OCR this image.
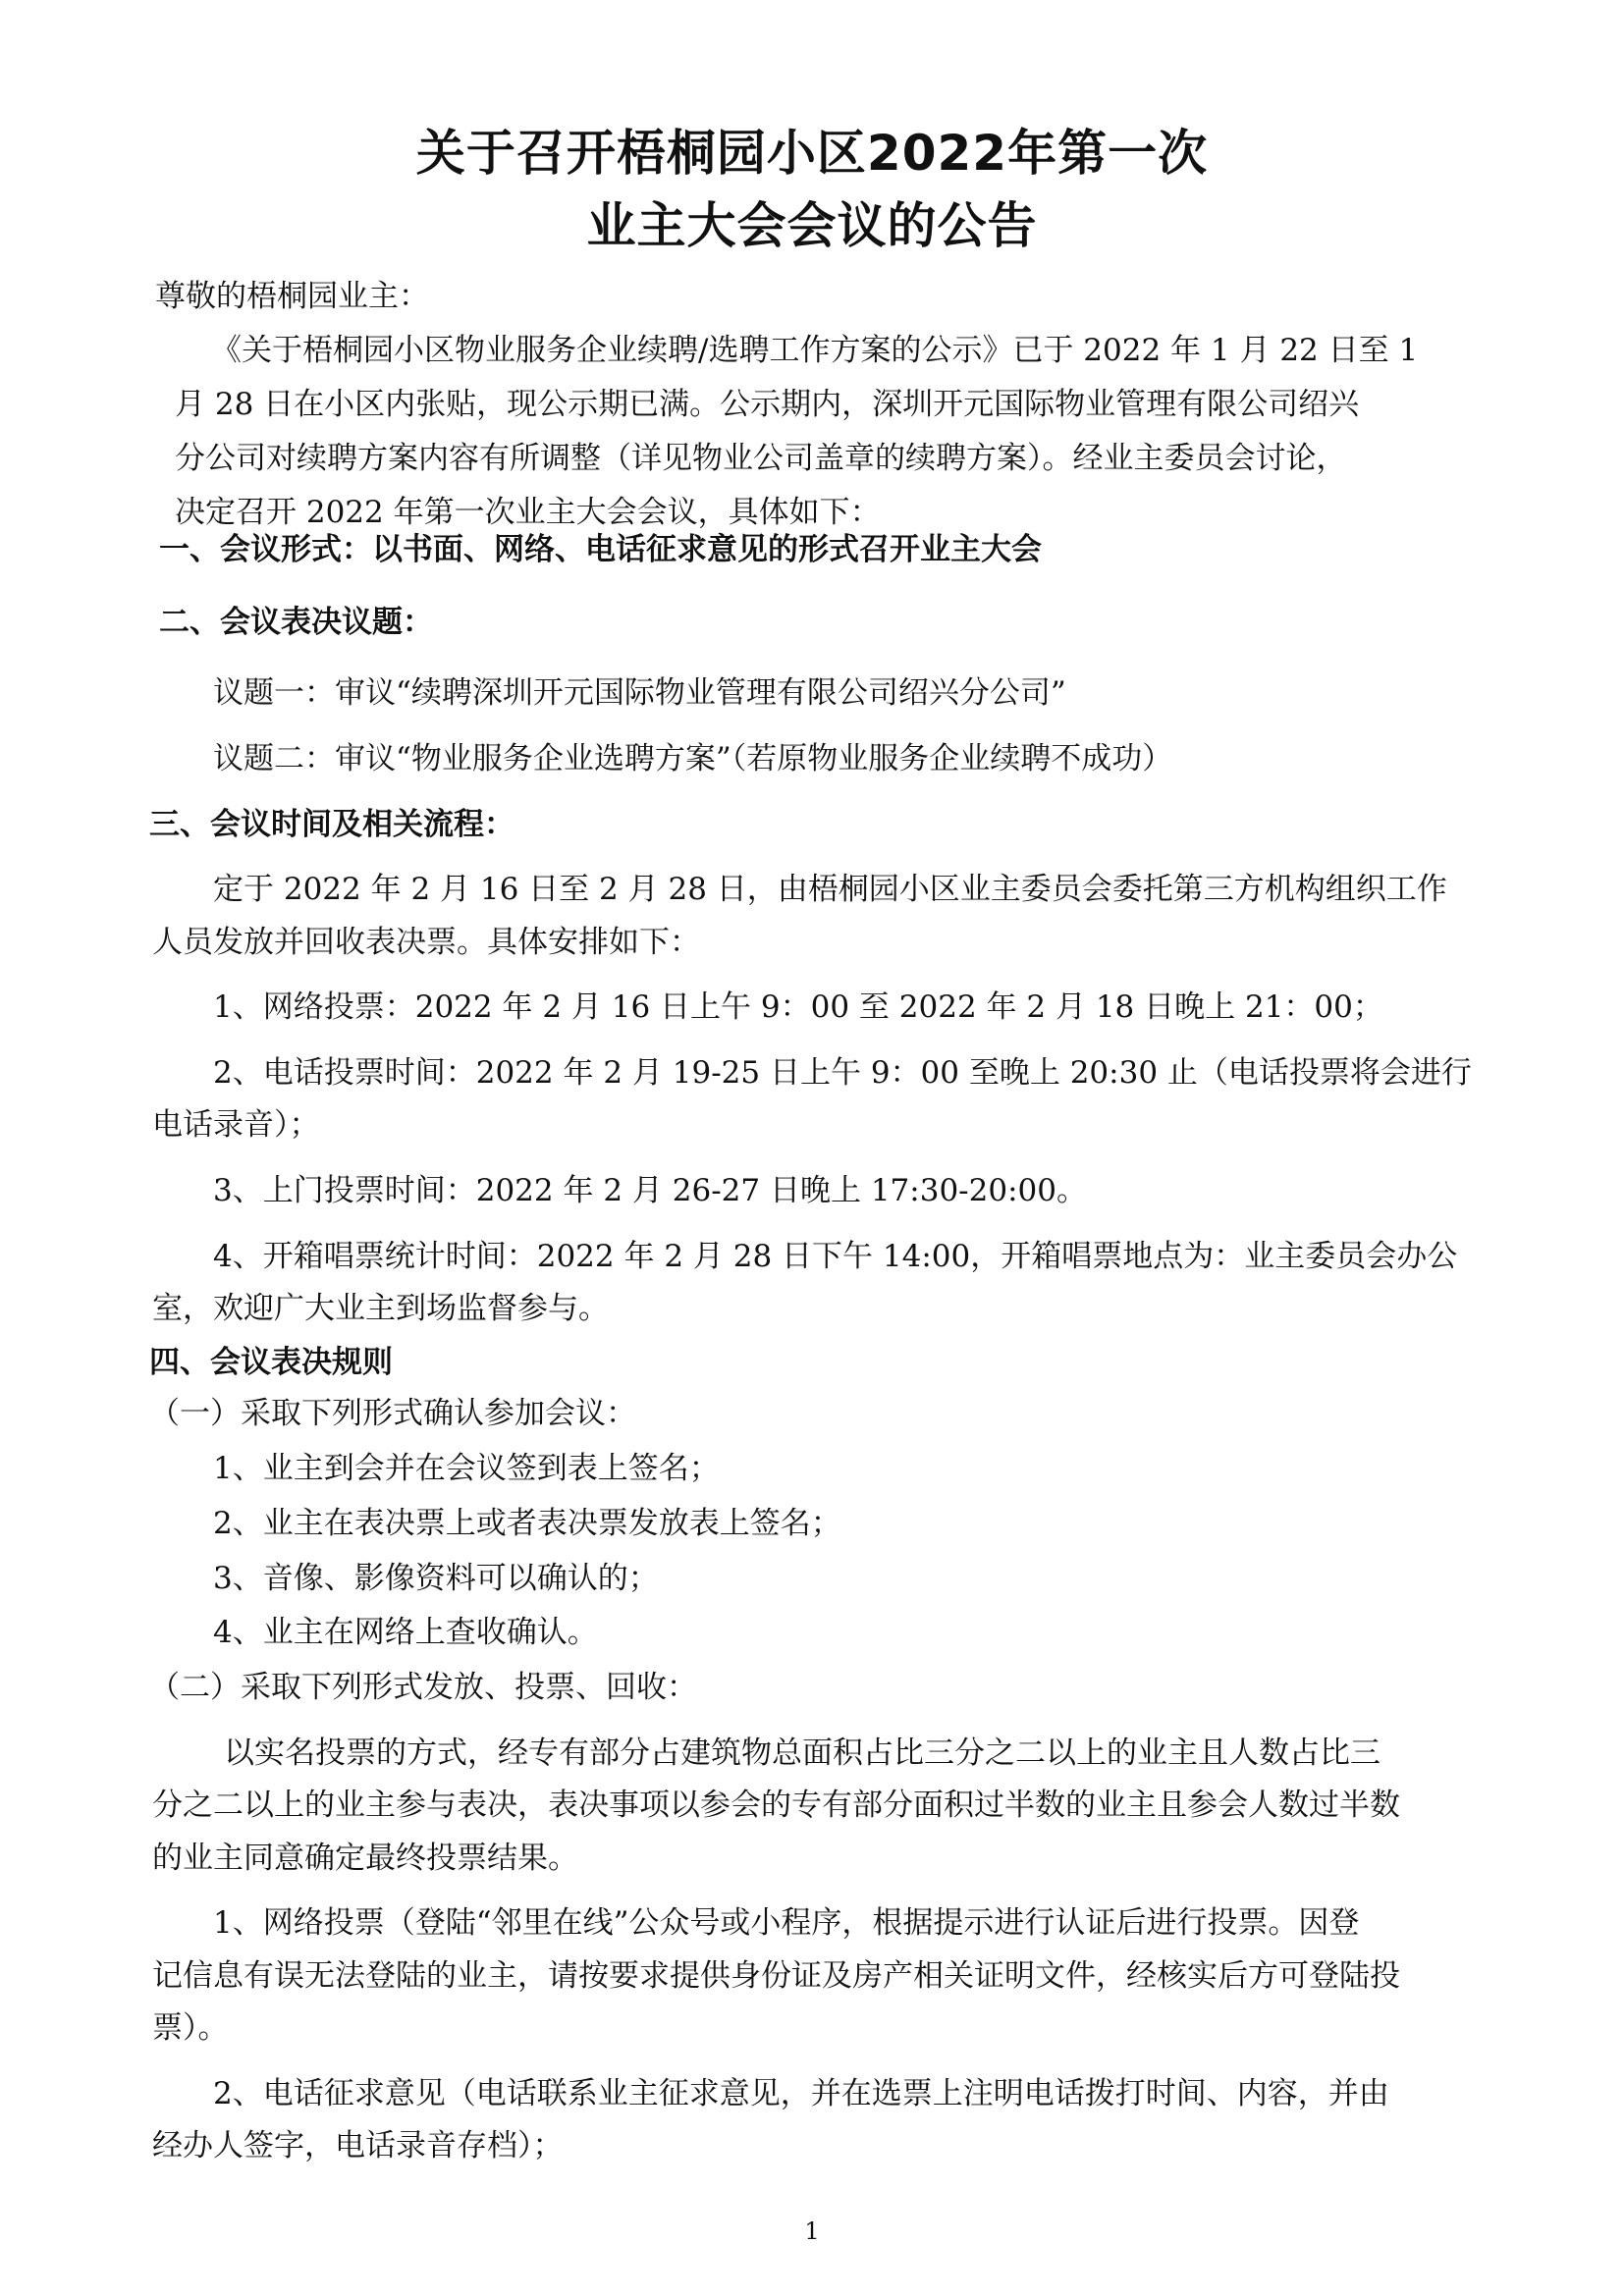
关于召开梧桐园小区2022年第一次
业主大会会议的公告

尊敬的梧桐园业主：

《关于梧桐园小区物业服务企业续聘/选聘工作方案的公示》已于 2022 年 1 月 22 日至 1

月 28 日在小区内张贴，现公示期已满。公示期内，深圳开元国际物业管理有限公司绍兴

分公司对续聘方案内容有所调整（详见物业公司盖章的续聘方案）。经业主委员会讨论，

决定召开 2022 年第一次业主大会会议，具体如下：

一、会议形式：以书面、网络、电话征求意见的形式召开业主大会

二、会议表决议题：

议题一：审议“续聘深圳开元国际物业管理有限公司绍兴分公司”

议题二：审议“物业服务企业选聘方案”（若原物业服务企业续聘不成功）

三、会议时间及相关流程：

定于 2022 年 2 月 16 日至 2 月 28 日，由梧桐园小区业主委员会委托第三方机构组织工作

人员发放并回收表决票。具体安排如下：

1、网络投票：2022 年 2 月 16 日上午 9：00 至 2022 年 2 月 18 日晚上 21：00；

2、电话投票时间：2022 年 2 月 19-25 日上午 9：00 至晚上 20:30 止（电话投票将会进行

电话录音）；

3、上门投票时间：2022 年 2 月 26-27 日晚上 17:30-20:00。

4、开箱唱票统计时间：2022 年 2 月 28 日下午 14:00，开箱唱票地点为：业主委员会办公

室，欢迎广大业主到场监督参与。

四、会议表决规则

（一）采取下列形式确认参加会议：

1、业主到会并在会议签到表上签名；

2、业主在表决票上或者表决票发放表上签名；

3、音像、影像资料可以确认的；

4、业主在网络上查收确认。

（二）采取下列形式发放、投票、回收：

以实名投票的方式，经专有部分占建筑物总面积占比三分之二以上的业主且人数占比三

分之二以上的业主参与表决，表决事项以参会的专有部分面积过半数的业主且参会人数过半数

的业主同意确定最终投票结果。

1、网络投票（登陆“邻里在线”公众号或小程序，根据提示进行认证后进行投票。因登

记信息有误无法登陆的业主，请按要求提供身份证及房产相关证明文件，经核实后方可登陆投

票）。

2、电话征求意见（电话联系业主征求意见，并在选票上注明电话拨打时间、内容，并由

经办人签字，电话录音存档）；

1
